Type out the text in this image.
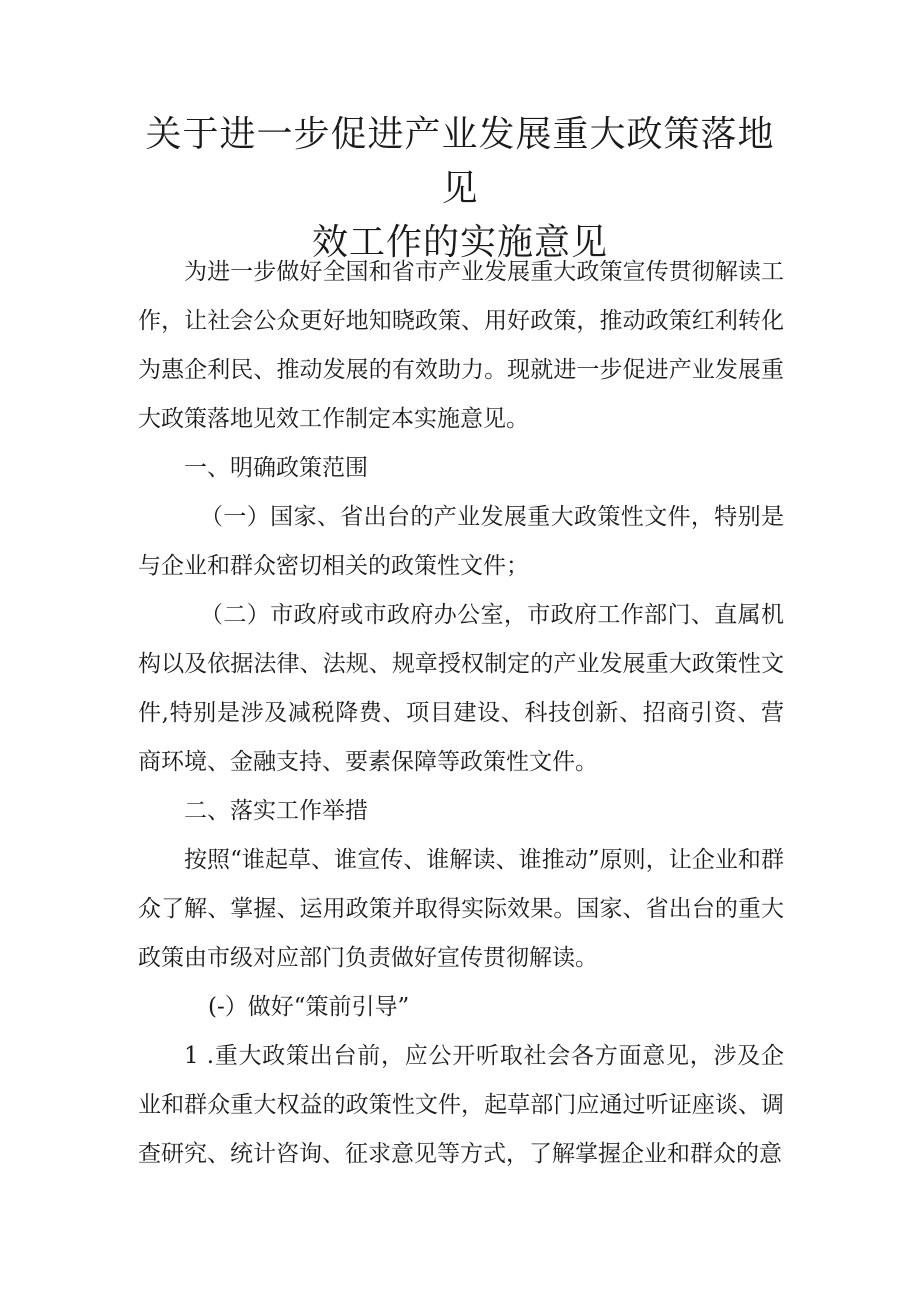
关于进一步促进产业发展重大政策落地见
效工作的实施意见

为进一步做好全国和省市产业发展重大政策宣传贯彻解读工作，让社会公众更好地知晓政策、用好政策，推动政策红利转化为惠企利民、推动发展的有效助力。现就进一步促进产业发展重大政策落地见效工作制定本实施意见。

一、明确政策范围

（一）国家、省出台的产业发展重大政策性文件，特别是与企业和群众密切相关的政策性文件；

（二）市政府或市政府办公室，市政府工作部门、直属机构以及依据法律、法规、规章授权制定的产业发展重大政策性文件,特别是涉及减税降费、项目建设、科技创新、招商引资、营商环境、金融支持、要素保障等政策性文件。

二、落实工作举措

按照“谁起草、谁宣传、谁解读、谁推动”原则，让企业和群众了解、掌握、运用政策并取得实际效果。国家、省出台的重大政策由市级对应部门负责做好宣传贯彻解读。

(-）做好“策前引导”

1 .重大政策出台前，应公开听取社会各方面意见，涉及企业和群众重大权益的政策性文件，起草部门应通过听证座谈、调查研究、统计咨询、征求意见等方式，了解掌握企业和群众的意
